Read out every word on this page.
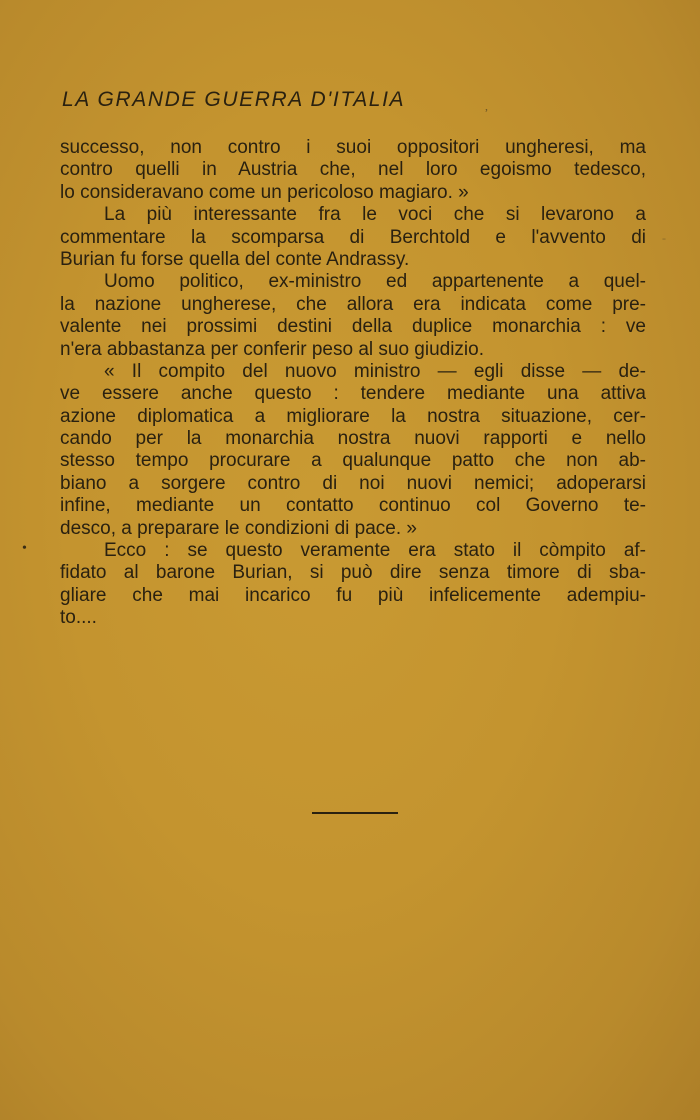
LA GRANDE GUERRA D'ITALIA	,
-
•
successo, non contro i suoi oppositori ungheresi, ma
contro quelli in Austria che, nel loro egoismo tedesco,
lo consideravano come un pericoloso magiaro. »
La più interessante fra le voci che si levarono a
commentare la scomparsa di Berchtold e l'avvento di
Burian fu forse quella del conte Andrassy.
Uomo politico, ex-ministro ed appartenente a quel-
la nazione ungherese, che allora era indicata come pre-
valente nei prossimi destini della duplice monarchia : ve
n'era abbastanza per conferir peso al suo giudizio.
« Il compito del nuovo ministro — egli disse — de-
ve essere anche questo : tendere mediante una attiva
azione diplomatica a migliorare la nostra situazione, cer-
cando per la monarchia nostra nuovi rapporti e nello
stesso tempo procurare a qualunque patto che non ab-
biano a sorgere contro di noi nuovi nemici; adoperarsi
infine, mediante un contatto continuo col Governo te-
desco, a preparare le condizioni di pace. »
Ecco : se questo veramente era stato il còmpito af-
fidato al barone Burian, si può dire senza timore di sba-
gliare che mai incarico fu più infelicemente adempiu-
to....
